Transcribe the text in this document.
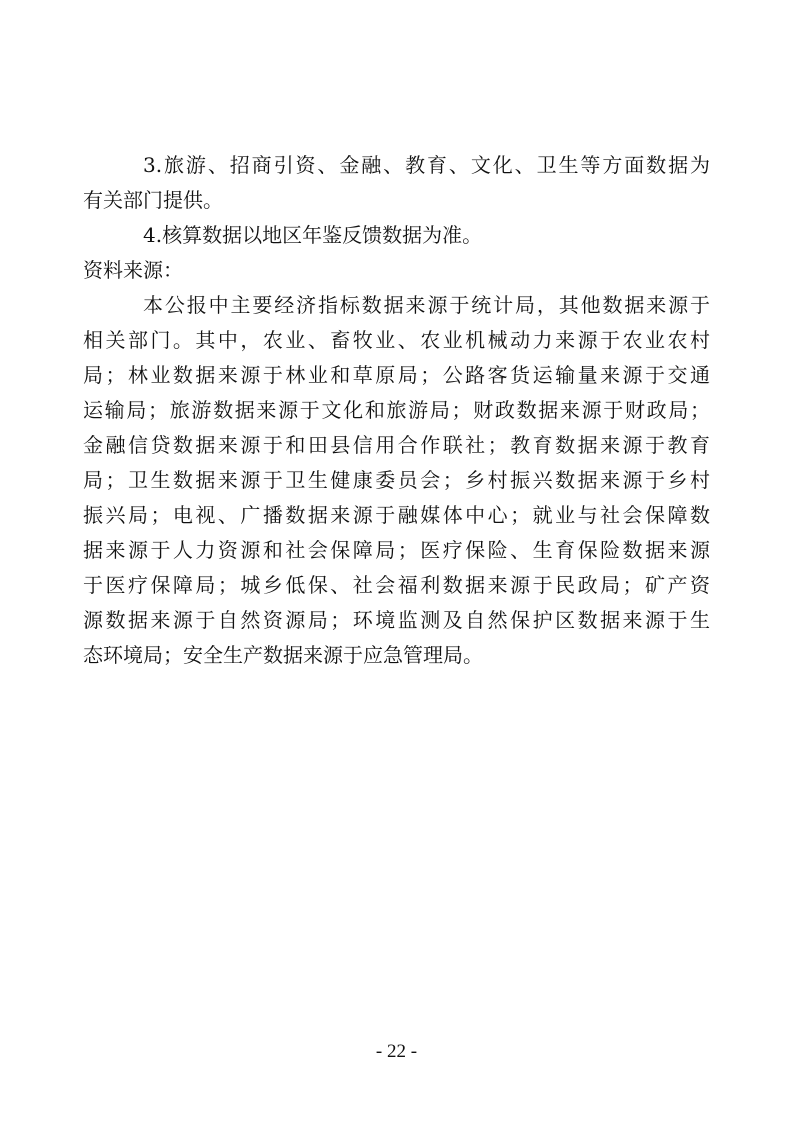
3.旅游、招商引资、金融、教育、文化、卫生等方面数据为
有关部门提供。
4.核算数据以地区年鉴反馈数据为准。
资料来源：
本公报中主要经济指标数据来源于统计局，其他数据来源于
相关部门。其中，农业、畜牧业、农业机械动力来源于农业农村
局；林业数据来源于林业和草原局；公路客货运输量来源于交通
运输局；旅游数据来源于文化和旅游局；财政数据来源于财政局；
金融信贷数据来源于和田县信用合作联社；教育数据来源于教育
局；卫生数据来源于卫生健康委员会；乡村振兴数据来源于乡村
振兴局；电视、广播数据来源于融媒体中心；就业与社会保障数
据来源于人力资源和社会保障局；医疗保险、生育保险数据来源
于医疗保障局；城乡低保、社会福利数据来源于民政局；矿产资
源数据来源于自然资源局；环境监测及自然保护区数据来源于生
态环境局；安全生产数据来源于应急管理局。
- 22 -
